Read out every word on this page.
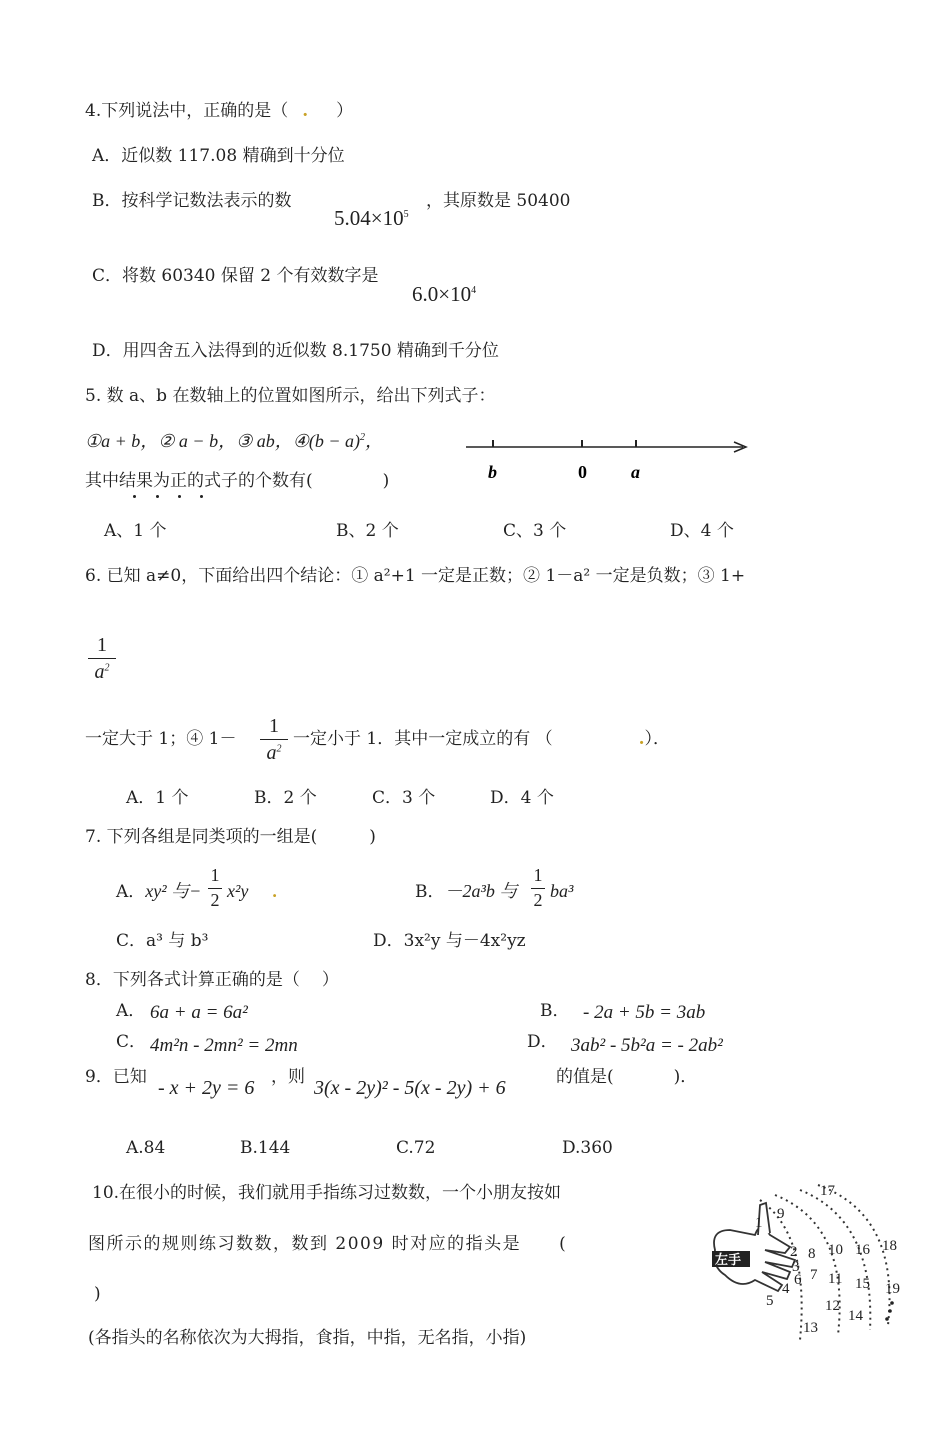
4.下列说法中，正确的是（ . ）
A．近似数 117.08 精确到十分位
B．按科学记数法表示的数
$5.04\times 10^5$
，其原数是 50400
C．将数 60340 保留 2 个有效数字是
$6.0\times 10^4$
D．用四舍五入法得到的近似数 8.1750 精确到千分位
5. 数 a、b 在数轴上的位置如图所示，给出下列式子：
①a + b，② a − b，③ ab，④(b − a)$^2$，
b	0 a
其中结果为正的式子的个数有(	)
A、1 个	B、2 个	C、3 个	D、4 个
6. 已知 a≠0，下面给出四个结论：① a²+1 一定是正数；② 1－a² 一定是负数；③ 1+
1
$a^2$
一定大于 1；④ 1－
1
$a^2$ 一定小于 1．其中一定成立的有 （	.）．
A．1 个	B．2 个	C．3 个	D．4 个
7. 下列各组是同类项的一组是(	)
A．xy² 与−
1
2 x²y .	B．－2a³b 与
1
2 ba³
C．a³ 与 b³	D．3x²y 与－4x²yz
8．下列各式计算正确的是（ ）
A． 6a + a = 6a²	B． - 2a + 5b = 3ab
C． 4m²n - 2mn² = 2mn	D． 3ab² - 5b²a = - 2ab²
9．已知 - x + 2y = 6 ，则 3(x - 2y)² - 5(x - 2y) + 6	的值是(	)．
A.84	B.144	C.72	D.360
10.在很小的时候，我们就用手指练习过数数，一个小朋友按如
图所示的规则练习数数，数到 2009 时对应的指头是 (
)
(各指头的名称依次为大拇指，食指，中指，无名指，小指)
左手
1
2
3
4
5
6 7
8
9
10
11
12
13
14
15
16
17
18
19
